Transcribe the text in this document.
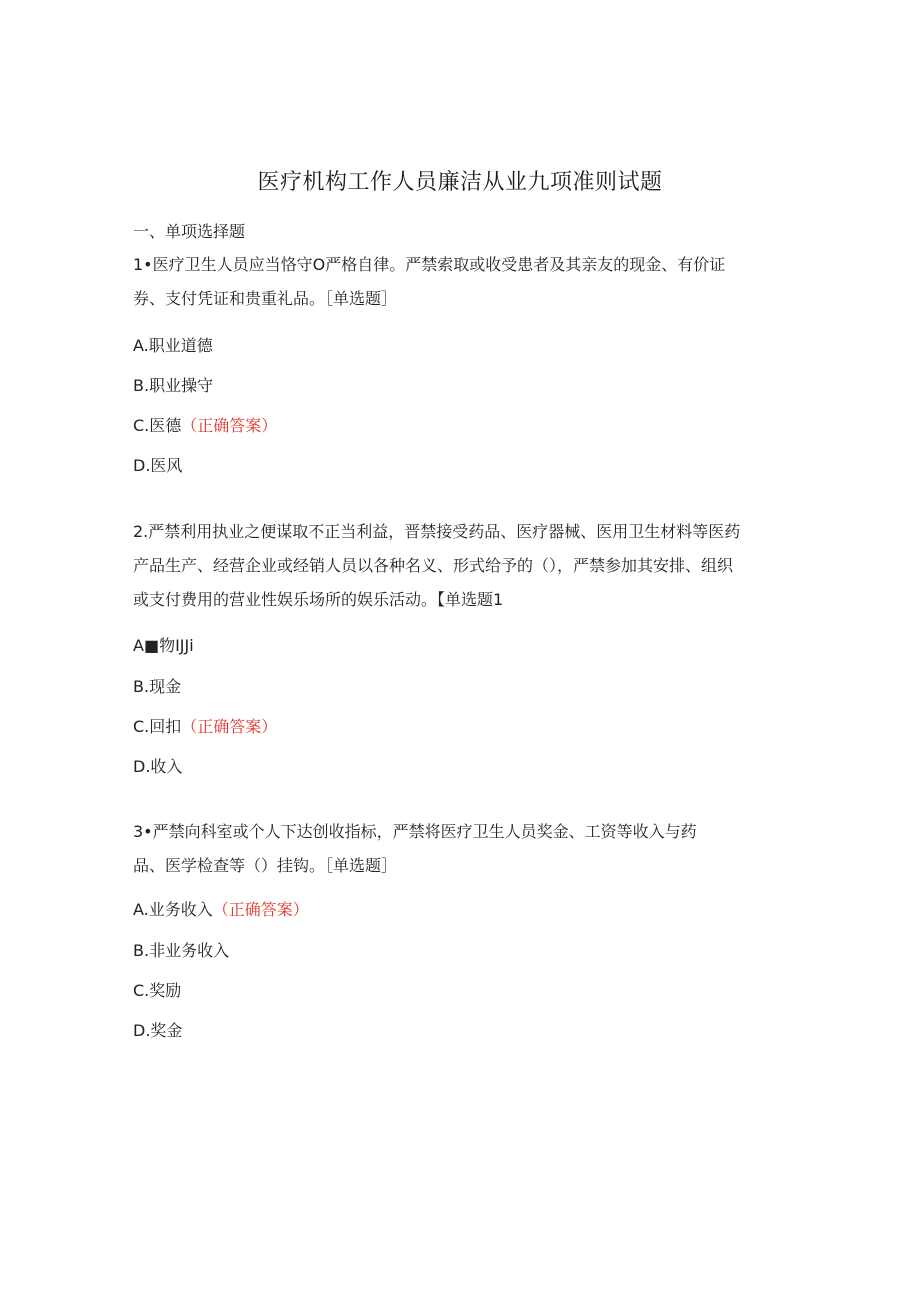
医疗机构工作人员廉洁从业九项准则试题
一、单项选择题
1•医疗卫生人员应当恪守O严格自律。严禁索取或收受患者及其亲友的现金、有价证
券、支付凭证和贵重礼品。［单选题］
A.职业道德
B.职业操守
C.医德（正确答案）
D.医风
2.严禁利用执业之便谋取不正当利益，晋禁接受药品、医疗器械、医用卫生材料等医药
产品生产、经营企业或经销人员以各种名义、形式给予的（），严禁参加其安排、组织
或支付费用的营业性娱乐场所的娱乐活动。【单选题1
A■物IJJi
B.现金
C.回扣（正确答案）
D.收入
3•严禁向科室或个人下达创收指标，严禁将医疗卫生人员奖金、工资等收入与药
品、医学检查等（）挂钩。［单选题］
A.业务收入（正确答案）
B.非业务收入
C.奖励
D.奖金
